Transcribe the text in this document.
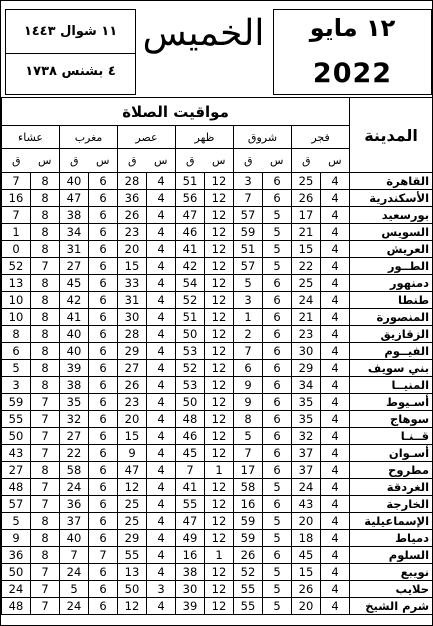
١٢ مايو
2022
الخميس
١١ شوال ١٤٤٣
٤ بشنس ١٧٣٨
مواقيت الصلاة												المدينة
عشاء		مغرب		عصر		ظهر		شروق		فجر		
ق س		ق س		ق س		ق س		ق س		ق س		
7	8	40	6	28	4	51	12	3	6	25	4	القاهرة
16	8	47	6	36	4	56	12	7	6	26	4	الأسكندرية
7	8	38	6	26	4	47	12	57	5	17	4	بورسعيد
1	8	34	6	23	4	46	12	59	5	21	4	السويس
0	8	31	6	20	4	41	12	51	5	15	4	العريش
52	7	27	6	15	4	42	12	57	5	22	4	الطــور
13	8	45	6	33	4	54	12	5	6	25	4	دمنهور
10	8	42	6	31	4	52	12	3	6	24	4	طنطا
10	8	41	6	30	4	51	12	1	6	21	4	المنصورة
8	8	40	6	28	4	50	12	2	6	23	4	الزقازيق
6	8	40	6	29	4	53	12	7	6	30	4	الفيــوم
5	8	39	6	27	4	52	12	6	6	29	4	بني سويف
3	8	38	6	26	4	53	12	9	6	34	4	المنيــا
59	7	35	6	23	4	50	12	9	6	35	4	أسـيوط
55	7	32	6	20	4	48	12	8	6	35	4	سوهاج
50	7	27	6	15	4	46	12	5	6	32	4	قــنـا
43	7	22	6	9	4	45	12	7	6	37	4	أسـوان
27	8	58	6	47	4	7	1	17	6	37	4	مطروح
48	7	24	6	12	4	41	12	58	5	24	4	الغردقة
57	7	36	6	25	4	55	12	16	6	43	4	الخارجة
5	8	37	6	25	4	47	12	59	5	20	4	الإسماعيلية
9	8	40	6	29	4	49	12	59	5	18	4	دمياط
36	8	7	7	55	4	16	1	26	6	45	4	السلوم
50	7	24	6	13	4	38	12	52	5	15	4	نويبع
24	7	5	6	50	3	30	12	55	5	26	4	حلايب
48	7	24	6	12	4	39	12	55	5	20	4	شرم الشيخ
